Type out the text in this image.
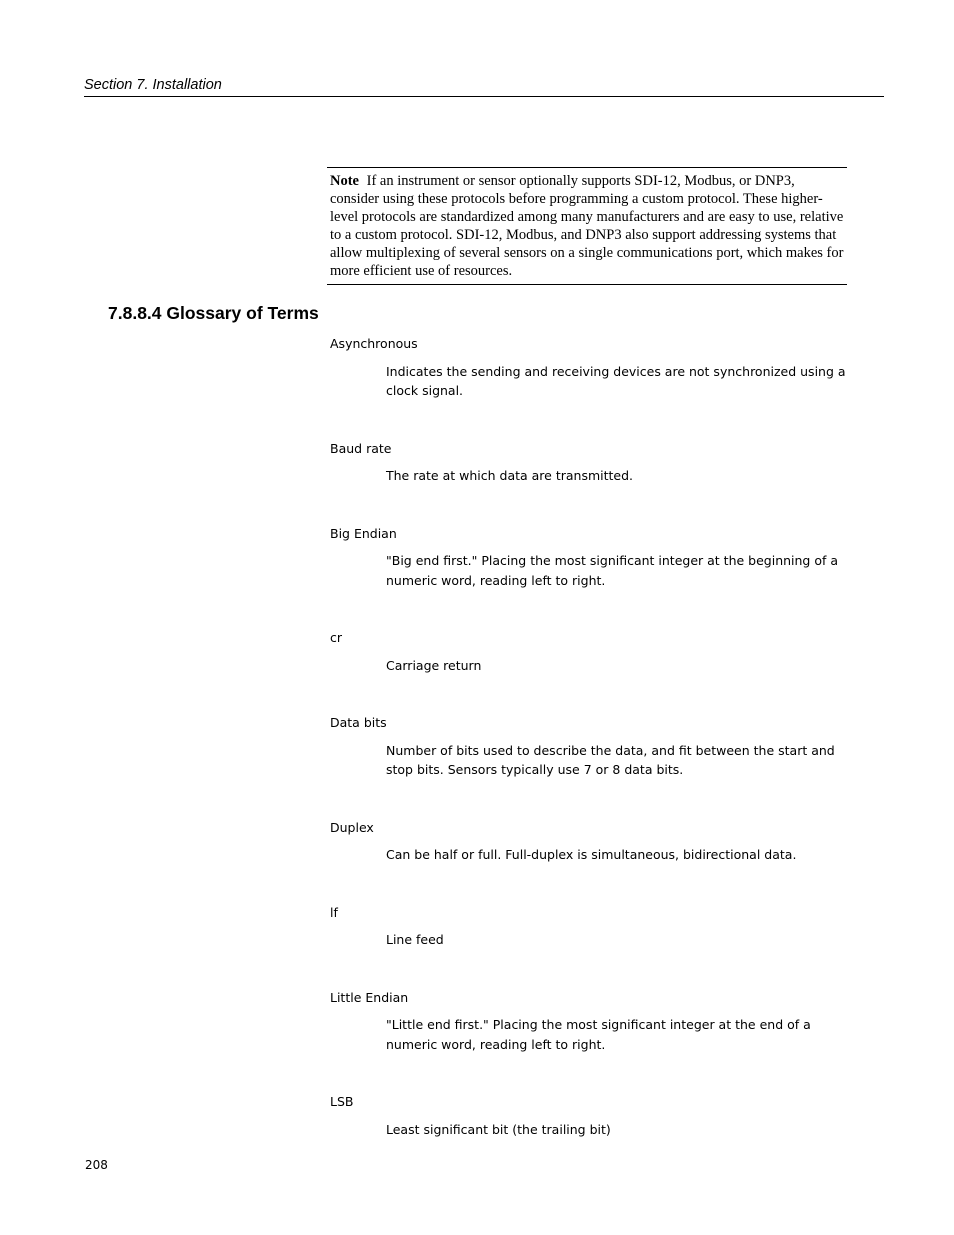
Section 7. Installation
Note If an instrument or sensor optionally supports SDI-12, Modbus, or DNP3, consider using these protocols before programming a custom protocol. These higher-level protocols are standardized among many manufacturers and are easy to use, relative to a custom protocol. SDI-12, Modbus, and DNP3 also support addressing systems that allow multiplexing of several sensors on a single communications port, which makes for more efficient use of resources.
7.8.8.4 Glossary of Terms
Asynchronous
Indicates the sending and receiving devices are not synchronized using a clock signal.
Baud rate
The rate at which data are transmitted.
Big Endian
"Big end first." Placing the most significant integer at the beginning of a numeric word, reading left to right.
cr
Carriage return
Data bits
Number of bits used to describe the data, and fit between the start and stop bits. Sensors typically use 7 or 8 data bits.
Duplex
Can be half or full. Full-duplex is simultaneous, bidirectional data.
lf
Line feed
Little Endian
"Little end first." Placing the most significant integer at the end of a numeric word, reading left to right.
LSB
Least significant bit (the trailing bit)
208
